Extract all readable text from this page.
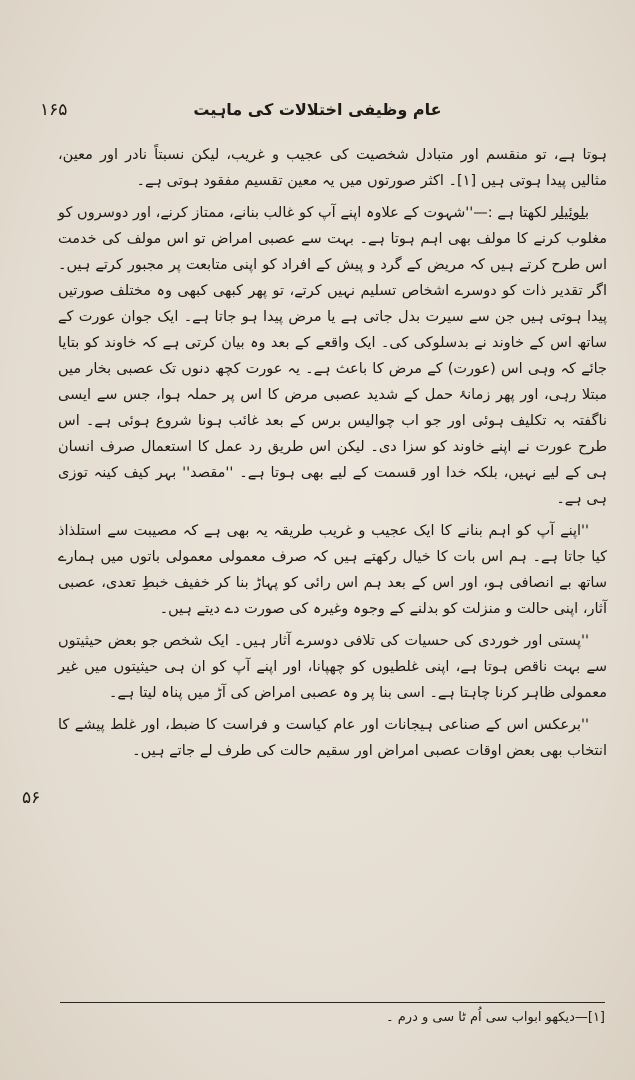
۱۶۵	عام وظیفی اختلالات کی ماہیت
۵۶

ہوتا ہے، تو منقسم اور متبادل شخصیت کی عجیب و غریب، لیکن نسبتاً نادر اور معین، مثالیں پیدا ہوتی ہیں [۱]۔ اکثر صورتوں میں یہ معین تقسیم مفقود ہوتی ہے۔

بلوئیلر لکھتا ہے :—''شہوت کے علاوہ اپنے آپ کو غالب بنانے، ممتاز کرنے، اور دوسروں کو مغلوب کرنے کا مولف بھی اہم ہوتا ہے۔ بہت سے عصبی امراض تو اس مولف کی خدمت اس طرح کرتے ہیں کہ مریض کے گرد و پیش کے افراد کو اپنی متابعت پر مجبور کرتے ہیں۔ اگر تقدیر ذات کو دوسرے اشخاص تسلیم نہیں کرتے، تو پھر کبھی کبھی وہ مختلف صورتیں پیدا ہوتی ہیں جن سے سیرت بدل جاتی ہے یا مرض پیدا ہو جاتا ہے۔ ایک جوان عورت کے ساتھ اس کے خاوند نے بدسلوکی کی۔ ایک واقعے کے بعد وہ بیان کرتی ہے کہ خاوند کو بتایا جائے کہ وہی اس (عورت) کے مرض کا باعث ہے۔ یہ عورت کچھ دنوں تک عصبی بخار میں مبتلا رہی، اور پھر زمانۂ حمل کے شدید عصبی مرض کا اس پر حملہ ہوا، جس سے ایسی ناگفتہ بہ تکلیف ہوئی اور جو اب چوالیس برس کے بعد غائب ہونا شروع ہوئی ہے۔ اس طرح عورت نے اپنے خاوند کو سزا دی۔ لیکن اس طریق رد عمل کا استعمال صرف انسان ہی کے لیے نہیں، بلکہ خدا اور قسمت کے لیے بھی ہوتا ہے۔ ''مقصد'' بہر کیف کینہ توزی ہی ہے۔

''اپنے آپ کو اہم بنانے کا ایک عجیب و غریب طریقہ یہ بھی ہے کہ مصیبت سے استلذاذ کیا جاتا ہے۔ ہم اس بات کا خیال رکھتے ہیں کہ صرف معمولی معمولی باتوں میں ہمارے ساتھ بے انصافی ہو، اور اس کے بعد ہم اس رائی کو پہاڑ بنا کر خفیف خبطِ تعدی، عصبی آثار، اپنی حالت و منزلت کو بدلنے کے وجوہ وغیرہ کی صورت دے دیتے ہیں۔

''پستی اور خوردی کی حسیات کی تلافی دوسرے آثار ہیں۔ ایک شخص جو بعض حیثیتوں سے بہت ناقص ہوتا ہے، اپنی غلطیوں کو چھپانا، اور اپنے آپ کو ان ہی حیثیتوں میں غیر معمولی ظاہر کرنا چاہتا ہے۔ اسی بنا پر وہ عصبی امراض کی آڑ میں پناہ لیتا ہے۔

''برعکس اس کے صناعی ہیجانات اور عام کیاست و فراست کا ضبط، اور غلط پیشے کا انتخاب بھی بعض اوقات عصبی امراض اور سقیم حالت کی طرف لے جاتے ہیں۔

[۱]—دیکھو ابواب سی اُم ٹا سی و درم ۔
